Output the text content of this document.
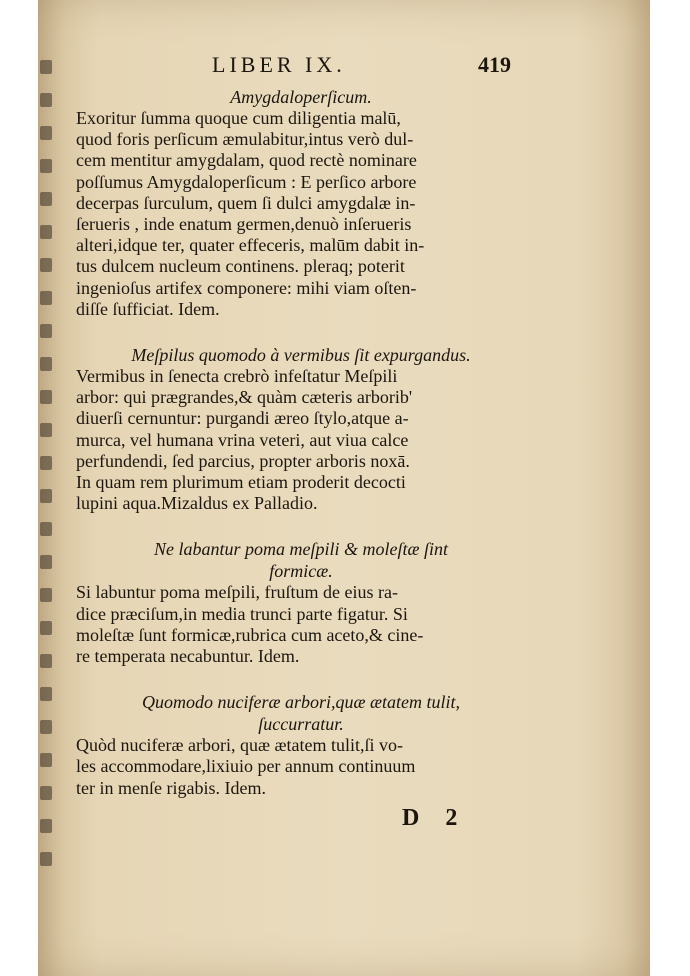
LIBER IX.	419
Amygdaloperſicum.

Exoritur ſumma quoque cum diligentia malū,

quod foris perſicum æmulabitur,intus verò dul-

cem mentitur amygdalam, quod rectè nominare

poſſumus Amygdaloperſicum : E perſico arbore

decerpas ſurculum, quem ſi dulci amygdalæ in-

ſerueris , inde enatum germen,denuò inſerueris

alteri,idque ter, quater effeceris, malūm dabit in-

tus dulcem nucleum continens. pleraq; poterit

ingenioſus artifex componere: mihi viam oſten-

diſſe ſufficiat. Idem.

Meſpilus quomodo à vermibus ſit expurgandus.

Vermibus in ſenecta crebrò infeſtatur Meſpili

arbor: qui prægrandes,& quàm cæteris arborib'

diuerſi cernuntur: purgandi æreo ſtylo,atque a-

murca, vel humana vrina veteri, aut viua calce

perfundendi, ſed parcius, propter arboris noxā.

In quam rem plurimum etiam proderit decocti

lupini aqua.Mizaldus ex Palladio.

Ne labantur poma meſpili & moleſtæ ſint
formicæ.

Si labuntur poma meſpili, fruſtum de eius ra-

dice præciſum,in media trunci parte figatur. Si

moleſtæ ſunt formicæ,rubrica cum aceto,& cine-

re temperata necabuntur. Idem.

Quomodo nuciferæ arbori,quæ ætatem tulit,
ſuccurratur.

Quòd nuciferæ arbori, quæ ætatem tulit,ſi vo-

les accommodare,lixiuio per annum continuum

ter in menſe rigabis. Idem.

D 2
